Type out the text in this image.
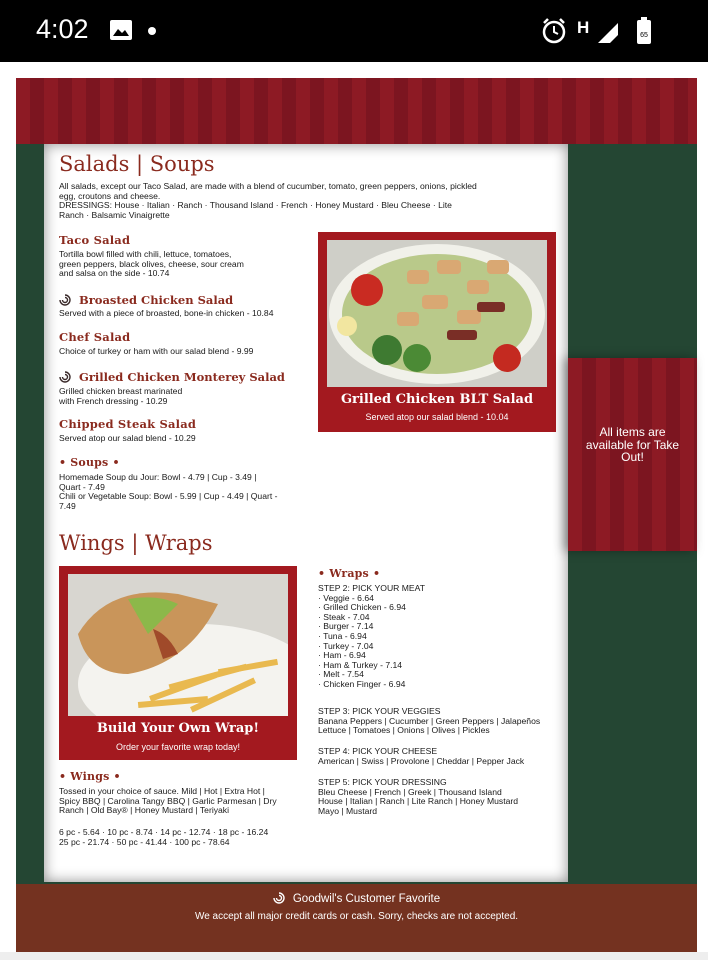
4:02	H	65
Salads | Soups

All salads, except our Taco Salad, are made with a blend of cucumber, tomato, green peppers, onions, pickled egg, croutons and cheese.
DRESSINGS: House · Italian · Ranch · Thousand Island · French · Honey Mustard · Bleu Cheese · Lite Ranch · Balsamic Vinaigrette

Taco Salad

Tortilla bowl filled with chili, lettuce, tomatoes,
green peppers, black olives, cheese, sour cream
and salsa on the side - 10.74

Broasted Chicken Salad

Served with a piece of broasted, bone-in chicken - 10.84

Chef Salad

Choice of turkey or ham with our salad blend - 9.99

Grilled Chicken Monterey Salad

Grilled chicken breast marinated
with French dressing - 10.29

Chipped Steak Salad

Served atop our salad blend - 10.29

• Soups •

Homemade Soup du Jour: Bowl - 4.79 | Cup - 3.49 |
Quart - 7.49
Chili or Vegetable Soup: Bowl - 5.99 | Cup - 4.49 | Quart -
7.49

Grilled Chicken BLT Salad
Served atop our salad blend - 10.04
Wings | Wraps
Build Your Own Wrap!
Order your favorite wrap today!
• Wings •

Tossed in your choice of sauce. Mild | Hot | Extra Hot |
Spicy BBQ | Carolina Tangy BBQ | Garlic Parmesan | Dry
Ranch | Old Bay® | Honey Mustard | Teriyaki

6 pc - 5.64 · 10 pc - 8.74 · 14 pc - 12.74 · 18 pc - 16.24
25 pc - 21.74 · 50 pc - 41.44 · 100 pc - 78.64

• Wraps •

STEP 2: PICK YOUR MEAT
· Veggie - 6.64
· Grilled Chicken - 6.94
· Steak - 7.04
· Burger - 7.14
· Tuna - 6.94
· Turkey - 7.04
· Ham - 6.94
· Ham & Turkey - 7.14
· Melt - 7.54
· Chicken Finger - 6.94

STEP 3: PICK YOUR VEGGIES
Banana Peppers | Cucumber | Green Peppers | Jalapeños
Lettuce | Tomatoes | Onions | Olives | Pickles

STEP 4: PICK YOUR CHEESE
American | Swiss | Provolone | Cheddar | Pepper Jack

STEP 5: PICK YOUR DRESSING
Bleu Cheese | French | Greek | Thousand Island
House | Italian | Ranch | Lite Ranch | Honey Mustard
Mayo | Mustard

All items are available for Take Out!
Goodwil's Customer Favorite
We accept all major credit cards or cash. Sorry, checks are not accepted.
